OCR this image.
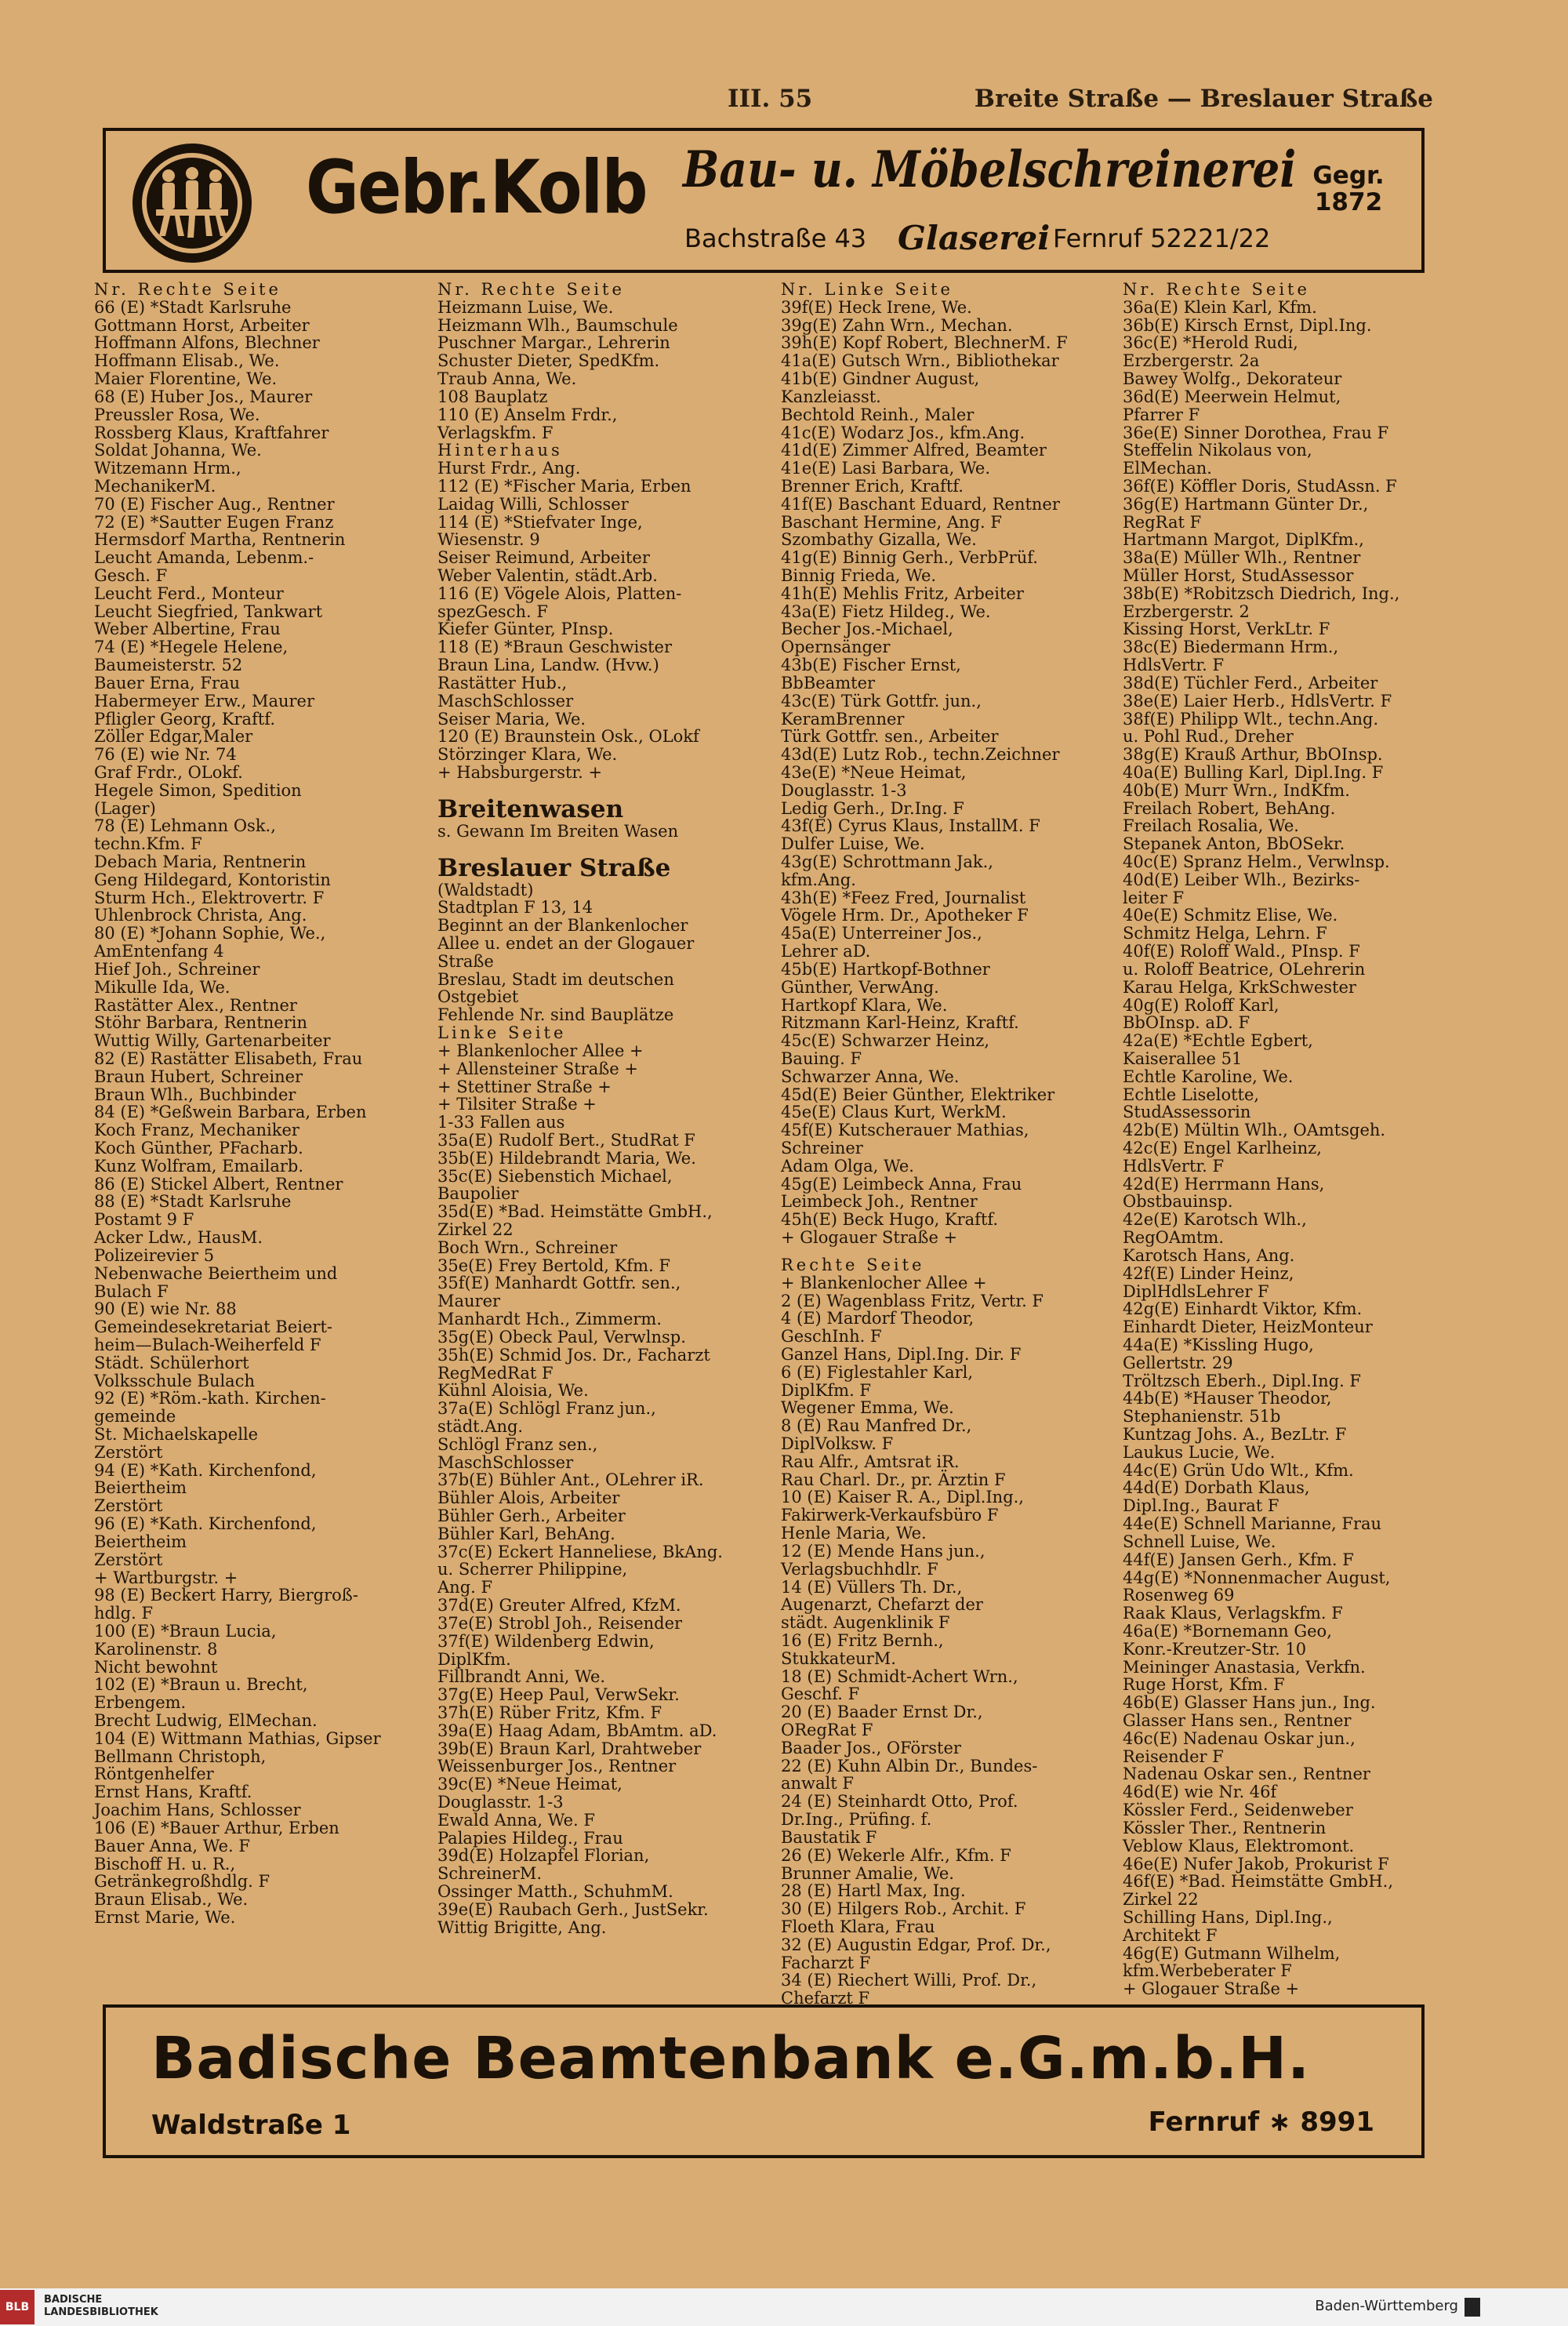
III. 55	Breite Straße — Breslauer Straße
Gebr.Kolb Bau- u. Möbelschreinerei
Bachstraße 43 Glaserei Fernruf 52221/22
Gegr.
1872
Nr. Rechte Seite
66 (E) *Stadt Karlsruhe
Gottmann Horst, Arbeiter
Hoffmann Alfons, Blechner
Hoffmann Elisab., We.
Maier Florentine, We.
68 (E) Huber Jos., Maurer
Preussler Rosa, We.
Rossberg Klaus, Kraftfahrer
Soldat Johanna, We.
Witzemann Hrm.,
MechanikerM.
70 (E) Fischer Aug., Rentner
72 (E) *Sautter Eugen Franz
Hermsdorf Martha, Rentnerin
Leucht Amanda, Lebenm.-
Gesch. F
Leucht Ferd., Monteur
Leucht Siegfried, Tankwart
Weber Albertine, Frau
74 (E) *Hegele Helene,
Baumeisterstr. 52
Bauer Erna, Frau
Habermeyer Erw., Maurer
Pfligler Georg, Kraftf.
Zöller Edgar,Maler
76 (E) wie Nr. 74
Graf Frdr., OLokf.
Hegele Simon, Spedition
(Lager)
78 (E) Lehmann Osk.,
techn.Kfm. F
Debach Maria, Rentnerin
Geng Hildegard, Kontoristin
Sturm Hch., Elektrovertr. F
Uhlenbrock Christa, Ang.
80 (E) *Johann Sophie, We.,
AmEntenfang 4
Hief Joh., Schreiner
Mikulle Ida, We.
Rastätter Alex., Rentner
Stöhr Barbara, Rentnerin
Wuttig Willy, Gartenarbeiter
82 (E) Rastätter Elisabeth, Frau
Braun Hubert, Schreiner
Braun Wlh., Buchbinder
84 (E) *Geßwein Barbara, Erben
Koch Franz, Mechaniker
Koch Günther, PFacharb.
Kunz Wolfram, Emailarb.
86 (E) Stickel Albert, Rentner
88 (E) *Stadt Karlsruhe
Postamt 9 F
Acker Ldw., HausM.
Polizeirevier 5
Nebenwache Beiertheim und
Bulach F
90 (E) wie Nr. 88
Gemeindesekretariat Beiert-
heim—Bulach-Weiherfeld F
Städt. Schülerhort
Volksschule Bulach
92 (E) *Röm.-kath. Kirchen-
gemeinde
St. Michaelskapelle
Zerstört
94 (E) *Kath. Kirchenfond,
Beiertheim
Zerstört
96 (E) *Kath. Kirchenfond,
Beiertheim
Zerstört
+ Wartburgstr. +
98 (E) Beckert Harry, Biergroß-
hdlg. F
100 (E) *Braun Lucia,
Karolinenstr. 8
Nicht bewohnt
102 (E) *Braun u. Brecht,
Erbengem.
Brecht Ludwig, ElMechan.
104 (E) Wittmann Mathias, Gipser
Bellmann Christoph,
Röntgenhelfer
Ernst Hans, Kraftf.
Joachim Hans, Schlosser
106 (E) *Bauer Arthur, Erben
Bauer Anna, We. F
Bischoff H. u. R.,
Getränkegroßhdlg. F
Braun Elisab., We.
Ernst Marie, We.
Nr. Rechte Seite
Heizmann Luise, We.
Heizmann Wlh., Baumschule
Puschner Margar., Lehrerin
Schuster Dieter, SpedKfm.
Traub Anna, We.
108 Bauplatz
110 (E) Anselm Frdr.,
Verlagskfm. F
Hinterhaus
Hurst Frdr., Ang.
112 (E) *Fischer Maria, Erben
Laidag Willi, Schlosser
114 (E) *Stiefvater Inge,
Wiesenstr. 9
Seiser Reimund, Arbeiter
Weber Valentin, städt.Arb.
116 (E) Vögele Alois, Platten-
spezGesch. F
Kiefer Günter, PInsp.
118 (E) *Braun Geschwister
Braun Lina, Landw. (Hvw.)
Rastätter Hub.,
MaschSchlosser
Seiser Maria, We.
120 (E) Braunstein Osk., OLokf
Störzinger Klara, We.
+ Habsburgerstr. +
Breitenwasen
s. Gewann Im Breiten Wasen
Breslauer Straße
(Waldstadt)
Stadtplan F 13, 14
Beginnt an der Blankenlocher
Allee u. endet an der Glogauer
Straße
Breslau, Stadt im deutschen
Ostgebiet
Fehlende Nr. sind Bauplätze
Linke Seite
+ Blankenlocher Allee +
+ Allensteiner Straße +
+ Stettiner Straße +
+ Tilsiter Straße +
1-33 Fallen aus
35a(E) Rudolf Bert., StudRat F
35b(E) Hildebrandt Maria, We.
35c(E) Siebenstich Michael,
Baupolier
35d(E) *Bad. Heimstätte GmbH.,
Zirkel 22
Boch Wrn., Schreiner
35e(E) Frey Bertold, Kfm. F
35f(E) Manhardt Gottfr. sen.,
Maurer
Manhardt Hch., Zimmerm.
35g(E) Obeck Paul, Verwlnsp.
35h(E) Schmid Jos. Dr., Facharzt
RegMedRat F
Kühnl Aloisia, We.
37a(E) Schlögl Franz jun.,
städt.Ang.
Schlögl Franz sen.,
MaschSchlosser
37b(E) Bühler Ant., OLehrer iR.
Bühler Alois, Arbeiter
Bühler Gerh., Arbeiter
Bühler Karl, BehAng.
37c(E) Eckert Hanneliese, BkAng.
u. Scherrer Philippine,
Ang. F
37d(E) Greuter Alfred, KfzM.
37e(E) Strobl Joh., Reisender
37f(E) Wildenberg Edwin,
DiplKfm.
Fillbrandt Anni, We.
37g(E) Heep Paul, VerwSekr.
37h(E) Rüber Fritz, Kfm. F
39a(E) Haag Adam, BbAmtm. aD.
39b(E) Braun Karl, Drahtweber
Weissenburger Jos., Rentner
39c(E) *Neue Heimat,
Douglasstr. 1-3
Ewald Anna, We. F
Palapies Hildeg., Frau
39d(E) Holzapfel Florian,
SchreinerM.
Ossinger Matth., SchuhmM.
39e(E) Raubach Gerh., JustSekr.
Wittig Brigitte, Ang.
Nr. Linke Seite
39f(E) Heck Irene, We.
39g(E) Zahn Wrn., Mechan.
39h(E) Kopf Robert, BlechnerM. F
41a(E) Gutsch Wrn., Bibliothekar
41b(E) Gindner August,
Kanzleiasst.
Bechtold Reinh., Maler
41c(E) Wodarz Jos., kfm.Ang.
41d(E) Zimmer Alfred, Beamter
41e(E) Lasi Barbara, We.
Brenner Erich, Kraftf.
41f(E) Baschant Eduard, Rentner
Baschant Hermine, Ang. F
Szombathy Gizalla, We.
41g(E) Binnig Gerh., VerbPrüf.
Binnig Frieda, We.
41h(E) Mehlis Fritz, Arbeiter
43a(E) Fietz Hildeg., We.
Becher Jos.-Michael,
Opernsänger
43b(E) Fischer Ernst,
BbBeamter
43c(E) Türk Gottfr. jun.,
KeramBrenner
Türk Gottfr. sen., Arbeiter
43d(E) Lutz Rob., techn.Zeichner
43e(E) *Neue Heimat,
Douglasstr. 1-3
Ledig Gerh., Dr.Ing. F
43f(E) Cyrus Klaus, InstallM. F
Dulfer Luise, We.
43g(E) Schrottmann Jak.,
kfm.Ang.
43h(E) *Feez Fred, Journalist
Vögele Hrm. Dr., Apotheker F
45a(E) Unterreiner Jos.,
Lehrer aD.
45b(E) Hartkopf-Bothner
Günther, VerwAng.
Hartkopf Klara, We.
Ritzmann Karl-Heinz, Kraftf.
45c(E) Schwarzer Heinz,
Bauing. F
Schwarzer Anna, We.
45d(E) Beier Günther, Elektriker
45e(E) Claus Kurt, WerkM.
45f(E) Kutscherauer Mathias,
Schreiner
Adam Olga, We.
45g(E) Leimbeck Anna, Frau
Leimbeck Joh., Rentner
45h(E) Beck Hugo, Kraftf.
+ Glogauer Straße +
Rechte Seite
+ Blankenlocher Allee +
2 (E) Wagenblass Fritz, Vertr. F
4 (E) Mardorf Theodor,
GeschInh. F
Ganzel Hans, Dipl.Ing. Dir. F
6 (E) Figlestahler Karl,
DiplKfm. F
Wegener Emma, We.
8 (E) Rau Manfred Dr.,
DiplVolksw. F
Rau Alfr., Amtsrat iR.
Rau Charl. Dr., pr. Ärztin F
10 (E) Kaiser R. A., Dipl.Ing.,
Fakirwerk-Verkaufsbüro F
Henle Maria, We.
12 (E) Mende Hans jun.,
Verlagsbuchhdlr. F
14 (E) Vüllers Th. Dr.,
Augenarzt, Chefarzt der
städt. Augenklinik F
16 (E) Fritz Bernh.,
StukkateurM.
18 (E) Schmidt-Achert Wrn.,
Geschf. F
20 (E) Baader Ernst Dr.,
ORegRat F
Baader Jos., OFörster
22 (E) Kuhn Albin Dr., Bundes-
anwalt F
24 (E) Steinhardt Otto, Prof.
Dr.Ing., Prüfing. f.
Baustatik F
26 (E) Wekerle Alfr., Kfm. F
Brunner Amalie, We.
28 (E) Hartl Max, Ing.
30 (E) Hilgers Rob., Archit. F
Floeth Klara, Frau
32 (E) Augustin Edgar, Prof. Dr.,
Facharzt F
34 (E) Riechert Willi, Prof. Dr.,
Chefarzt F
Nr. Rechte Seite
36a(E) Klein Karl, Kfm.
36b(E) Kirsch Ernst, Dipl.Ing.
36c(E) *Herold Rudi,
Erzbergerstr. 2a
Bawey Wolfg., Dekorateur
36d(E) Meerwein Helmut,
Pfarrer F
36e(E) Sinner Dorothea, Frau F
Steffelin Nikolaus von,
ElMechan.
36f(E) Köffler Doris, StudAssn. F
36g(E) Hartmann Günter Dr.,
RegRat F
Hartmann Margot, DiplKfm.,
38a(E) Müller Wlh., Rentner
Müller Horst, StudAssessor
38b(E) *Robitzsch Diedrich, Ing.,
Erzbergerstr. 2
Kissing Horst, VerkLtr. F
38c(E) Biedermann Hrm.,
HdlsVertr. F
38d(E) Tüchler Ferd., Arbeiter
38e(E) Laier Herb., HdlsVertr. F
38f(E) Philipp Wlt., techn.Ang.
u. Pohl Rud., Dreher
38g(E) Krauß Arthur, BbOInsp.
40a(E) Bulling Karl, Dipl.Ing. F
40b(E) Murr Wrn., IndKfm.
Freilach Robert, BehAng.
Freilach Rosalia, We.
Stepanek Anton, BbOSekr.
40c(E) Spranz Helm., Verwlnsp.
40d(E) Leiber Wlh., Bezirks-
leiter F
40e(E) Schmitz Elise, We.
Schmitz Helga, Lehrn. F
40f(E) Roloff Wald., PInsp. F
u. Roloff Beatrice, OLehrerin
Karau Helga, KrkSchwester
40g(E) Roloff Karl,
BbOInsp. aD. F
42a(E) *Echtle Egbert,
Kaiserallee 51
Echtle Karoline, We.
Echtle Liselotte,
StudAssessorin
42b(E) Mültin Wlh., OAmtsgeh.
42c(E) Engel Karlheinz,
HdlsVertr. F
42d(E) Herrmann Hans,
Obstbauinsp.
42e(E) Karotsch Wlh.,
RegOAmtm.
Karotsch Hans, Ang.
42f(E) Linder Heinz,
DiplHdlsLehrer F
42g(E) Einhardt Viktor, Kfm.
Einhardt Dieter, HeizMonteur
44a(E) *Kissling Hugo,
Gellertstr. 29
Tröltzsch Eberh., Dipl.Ing. F
44b(E) *Hauser Theodor,
Stephanienstr. 51b
Kuntzag Johs. A., BezLtr. F
Laukus Lucie, We.
44c(E) Grün Udo Wlt., Kfm.
44d(E) Dorbath Klaus,
Dipl.Ing., Baurat F
44e(E) Schnell Marianne, Frau
Schnell Luise, We.
44f(E) Jansen Gerh., Kfm. F
44g(E) *Nonnenmacher August,
Rosenweg 69
Raak Klaus, Verlagskfm. F
46a(E) *Bornemann Geo,
Konr.-Kreutzer-Str. 10
Meininger Anastasia, Verkfn.
Ruge Horst, Kfm. F
46b(E) Glasser Hans jun., Ing.
Glasser Hans sen., Rentner
46c(E) Nadenau Oskar jun.,
Reisender F
Nadenau Oskar sen., Rentner
46d(E) wie Nr. 46f
Kössler Ferd., Seidenweber
Kössler Ther., Rentnerin
Veblow Klaus, Elektromont.
46e(E) Nufer Jakob, Prokurist F
46f(E) *Bad. Heimstätte GmbH.,
Zirkel 22
Schilling Hans, Dipl.Ing.,
Architekt F
46g(E) Gutmann Wilhelm,
kfm.Werbeberater F
+ Glogauer Straße +
Badische Beamtenbank e.G.m.b.H.
Waldstraße 1	Fernruf ∗ 8991
BLB
BADISCHE
LANDESBIBLIOTHEK	Baden-Württemberg
